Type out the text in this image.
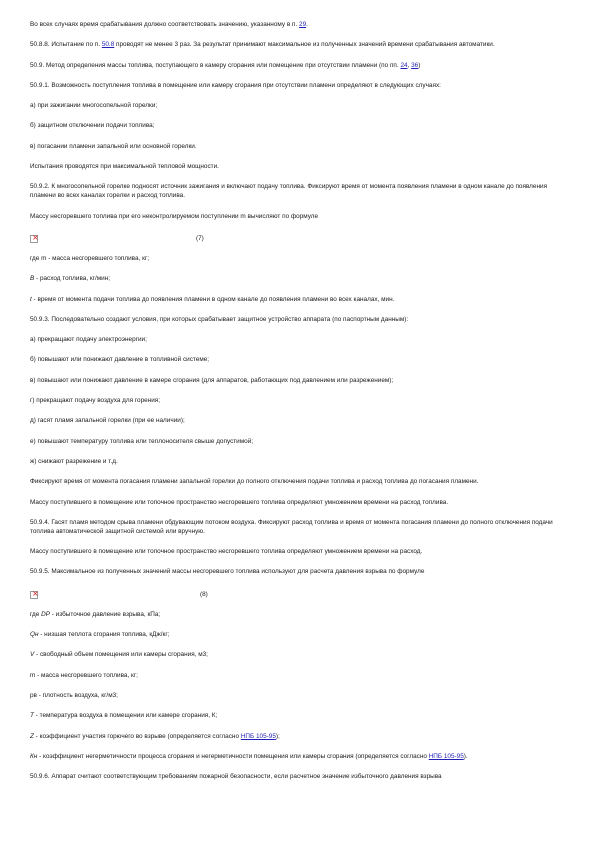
Во всех случаях время срабатывания должно соответствовать значению, указанному в п. 29.

50.8.8. Испытание по п. 50.8 проводят не менее 3 раз. За результат принимают максимальное из полученных значений времени срабатывания автоматики.

50.9. Метод определения массы топлива, поступающего в камеру сгорания или помещение при отсутствии пламени (по пп. 24, 36)

50.9.1. Возможность поступления топлива в помещение или камеру сгорания при отсутствии пламени определяют в следующих случаях:

а) при зажигании многосопельной горелки;

б) защитном отключении подачи топлива;

в) погасании пламени запальной или основной горелки.

Испытания проводятся при максимальной тепловой мощности.

50.9.2. К многосопельной горелке подносят источник зажигания и включают подачу топлива. Фиксируют время от момента появления пламени в одном канале до появления пламени во всех каналах горелки и расход топлива.

Массу несгоревшего топлива при его неконтролируемом поступлении m вычисляют по формуле

×
(7)

где m - масса несгоревшего топлива, кг;

В - расход топлива, кг/мин;

t - время от момента подачи топлива до появления пламени в одном канале до появления пламени во всех каналах, мин.

50.9.3. Последовательно создают условия, при которых срабатывает защитное устройство аппарата (по паспортным данным):

а) прекращают подачу электроэнергии;

б) повышают или понижают давление в топливной системе;

в) повышают или понижают давление в камере сгорания (для аппаратов, работающих под давлением или разрежением);

г) прекращают подачу воздуха для горения;

д) гасят пламя запальной горелки (при ее наличии);

е) повышают температуру топлива или теплоносителя свыше допустимой;

ж) снижают разрежение и т.д.

Фиксируют время от момента погасания пламени запальной горелки до полного отключения подачи топлива и расход топлива до погасания пламени.

Массу поступившего в помещение или топочное пространство несгоревшего топлива определяют умножением времени на расход топлива.

50.9.4. Гасят пламя методом срыва пламени обдувающим потоком воздуха. Фиксируют расход топлива и время от момента погасания пламени до полного отключения подачи топлива автоматической защитной системой или вручную.

Массу поступившего в помещение или топочное пространство несгоревшего топлива определяют умножением времени на расход.

50.9.5. Максимальное из полученных значений массы несгоревшего топлива используют для расчета давления взрыва по формуле

×
(8)

где DP - избыточное давление взрыва, кПа;

Qн - низшая теплота сгорания топлива, кДж/кг;

V - свободный объем помещения или камеры сгорания, м3;

m - масса несгоревшего топлива, кг;

рв - плотность воздуха, кг/м3;

T - температура воздуха в помещении или камере сгорания, К;

Z - коэффициент участия горючего во взрыве (определяется согласно НПБ 105-95);

Кн - коэффициент негерметичности процесса сгорания и негерметичности помещения или камеры сгорания (определяется согласно НПБ 105-95).

50.9.6. Аппарат считают соответствующим требованиям пожарной безопасности, если расчетное значение избыточного давления взрыва
